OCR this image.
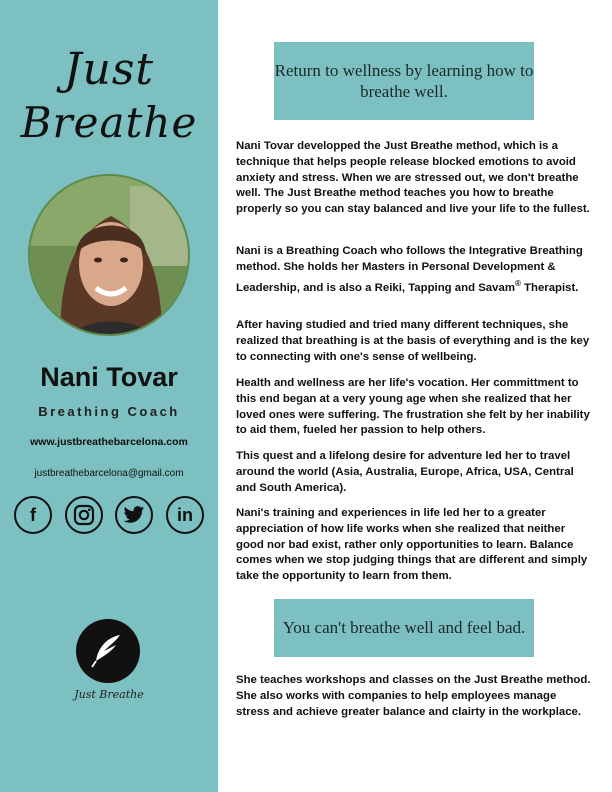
Just
Breathe
Nani Tovar
Breathing Coach
www.justbreathebarcelona.com
justbreathebarcelona@gmail.com
f	in
Just Breathe
Return to wellness by learning how to breathe well.
Nani Tovar developped the Just Breathe method, which is a technique that helps people release blocked emotions to avoid anxiety and stress. When we are stressed out, we don't breathe well. The Just Breathe method teaches you how to breathe properly so you can stay balanced and live your life to the fullest.
Nani is a Breathing Coach who follows the Integrative Breathing method. She holds her Masters in Personal Development & Leadership, and is also a Reiki, Tapping and Savam® Therapist.
After having studied and tried many different techniques, she realized that breathing is at the basis of everything and is the key to connecting with one's sense of wellbeing.
Health and wellness are her life's vocation. Her committment to this end began at a very young age when she realized that her loved ones were suffering. The frustration she felt by her inability to aid them, fueled her passion to help others.
This quest and a lifelong desire for adventure led her to travel around the world (Asia, Australia, Europe, Africa, USA, Central and South America).
Nani's training and experiences in life led her to a greater appreciation of how life works when she realized that neither good nor bad exist, rather only opportunities to learn. Balance comes when we stop judging things that are different and simply take the opportunity to learn from them.
You can't breathe well and feel bad.
She teaches workshops and classes on the Just Breathe method. She also works with companies to help employees manage stress and achieve greater balance and clairty in the workplace.
